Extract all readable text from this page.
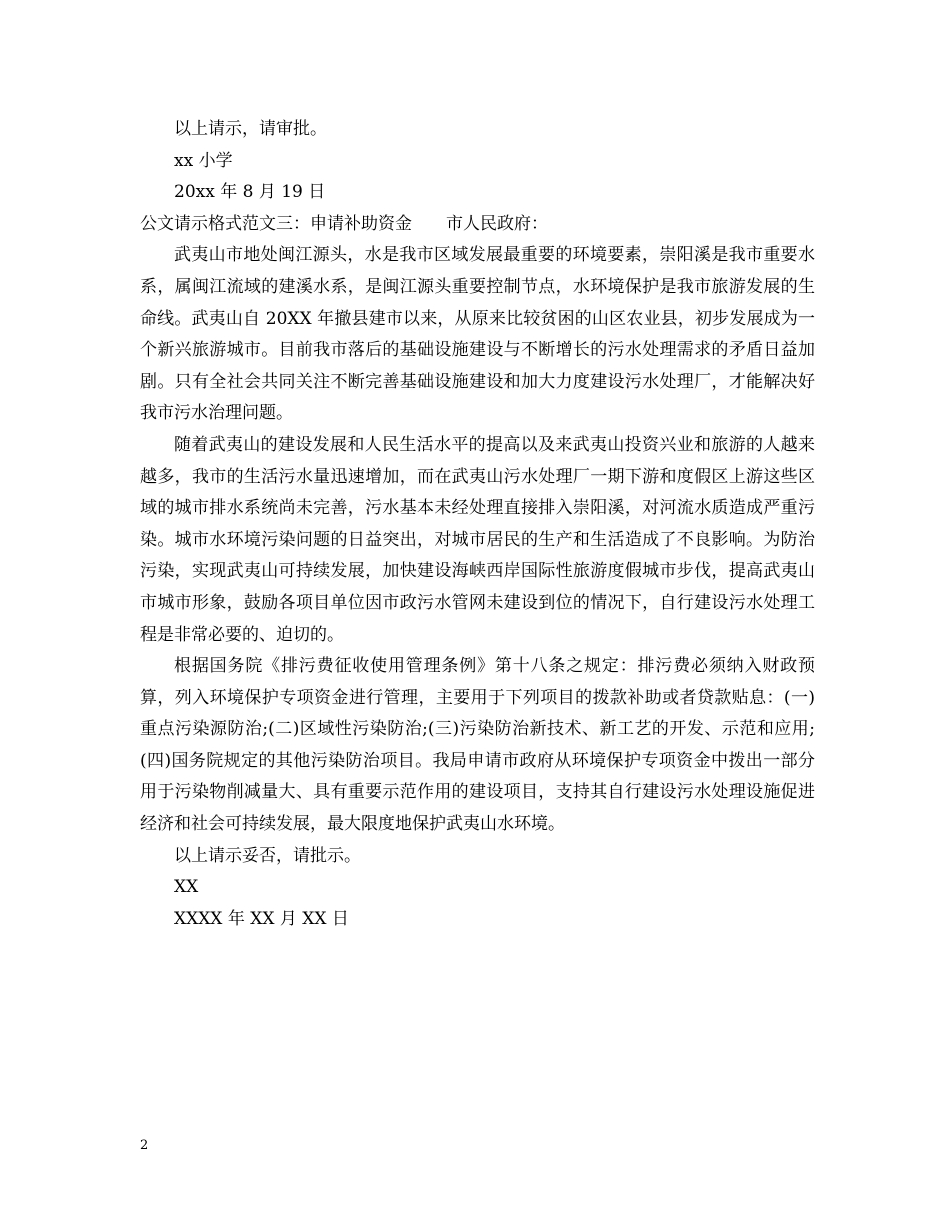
以上请示，请审批。

xx 小学

20xx 年 8 月 19 日

公文请示格式范文三：申请补助资金 市人民政府：

武夷山市地处闽江源头，水是我市区域发展最重要的环境要素，崇阳溪是我市重要水系，属闽江流域的建溪水系，是闽江源头重要控制节点，水环境保护是我市旅游发展的生命线。武夷山自 20XX 年撤县建市以来，从原来比较贫困的山区农业县，初步发展成为一个新兴旅游城市。目前我市落后的基础设施建设与不断增长的污水处理需求的矛盾日益加剧。只有全社会共同关注不断完善基础设施建设和加大力度建设污水处理厂，才能解决好我市污水治理问题。

随着武夷山的建设发展和人民生活水平的提高以及来武夷山投资兴业和旅游的人越来越多，我市的生活污水量迅速增加，而在武夷山污水处理厂一期下游和度假区上游这些区域的城市排水系统尚未完善，污水基本未经处理直接排入崇阳溪，对河流水质造成严重污染。城市水环境污染问题的日益突出，对城市居民的生产和生活造成了不良影响。为防治污染，实现武夷山可持续发展，加快建设海峡西岸国际性旅游度假城市步伐，提高武夷山市城市形象，鼓励各项目单位因市政污水管网未建设到位的情况下，自行建设污水处理工程是非常必要的、迫切的。

根据国务院《排污费征收使用管理条例》第十八条之规定：排污费必须纳入财政预算，列入环境保护专项资金进行管理，主要用于下列项目的拨款补助或者贷款贴息：(一)重点污染源防治;(二)区域性污染防治;(三)污染防治新技术、新工艺的开发、示范和应用;(四)国务院规定的其他污染防治项目。我局申请市政府从环境保护专项资金中拨出一部分用于污染物削减量大、具有重要示范作用的建设项目，支持其自行建设污水处理设施促进经济和社会可持续发展，最大限度地保护武夷山水环境。

以上请示妥否，请批示。

XX

XXXX 年 XX 月 XX 日

2
